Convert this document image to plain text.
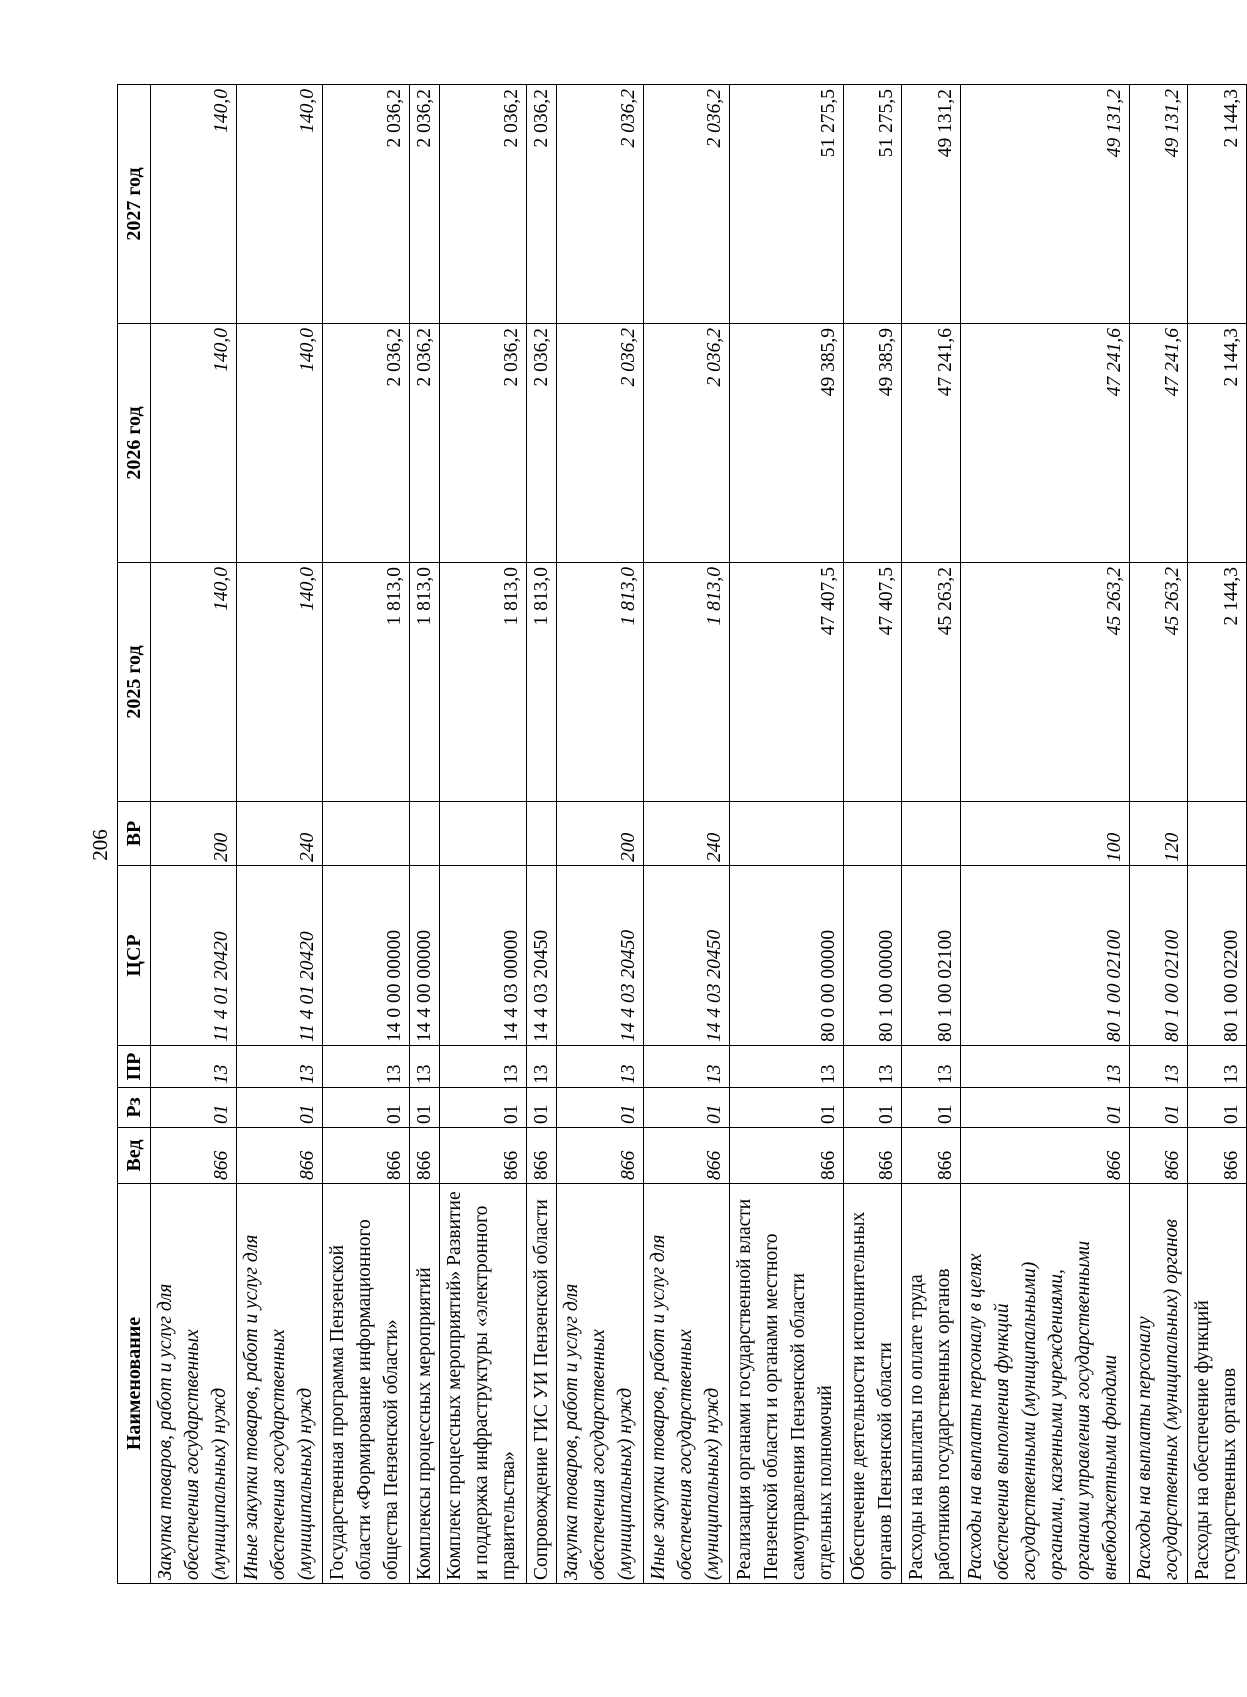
206
Наименование	Вед	Рз	ПР	ЦСР	ВР	2025 год	2026 год	2027 год
Закупка товаров, работ и услуг для обеспечения государственных (муниципальных) нужд	866	01	13	11 4 01 20420	200	140,0	140,0	140,0
Иные закупки товаров, работ и услуг для обеспечения государственных (муниципальных) нужд	866	01	13	11 4 01 20420	240	140,0	140,0	140,0
Государственная программа Пензенской области «Формирование информационного общества Пензенской области»	866	01	13	14 0 00 00000		1 813,0	2 036,2	2 036,2
Комплексы процессных мероприятий	866	01	13	14 4 00 00000		1 813,0	2 036,2	2 036,2
Комплекс процессных мероприятий» Развитие и поддержка инфраструктуры «электронного правительства»	866	01	13	14 4 03 00000		1 813,0	2 036,2	2 036,2
Сопровождение ГИС УИ Пензенской области	866	01	13	14 4 03 20450		1 813,0	2 036,2	2 036,2
Закупка товаров, работ и услуг для обеспечения государственных (муниципальных) нужд	866	01	13	14 4 03 20450	200	1 813,0	2 036,2	2 036,2
Иные закупки товаров, работ и услуг для обеспечения государственных (муниципальных) нужд	866	01	13	14 4 03 20450	240	1 813,0	2 036,2	2 036,2
Реализация органами государственной власти Пензенской области и органами местного самоуправления Пензенской области отдельных полномочий	866	01	13	80 0 00 00000		47 407,5	49 385,9	51 275,5
Обеспечение деятельности исполнительных органов Пензенской области	866	01	13	80 1 00 00000		47 407,5	49 385,9	51 275,5
Расходы на выплаты по оплате труда работников государственных органов	866	01	13	80 1 00 02100		45 263,2	47 241,6	49 131,2
Расходы на выплаты персоналу в целях обеспечения выполнения функций государственными (муниципальными) органами, казенными учреждениями, органами управления государственными внебюджетными фондами	866	01	13	80 1 00 02100	100	45 263,2	47 241,6	49 131,2
Расходы на выплаты персоналу государственных (муниципальных) органов	866	01	13	80 1 00 02100	120	45 263,2	47 241,6	49 131,2
Расходы на обеспечение функций государственных органов	866	01	13	80 1 00 02200		2 144,3	2 144,3	2 144,3
